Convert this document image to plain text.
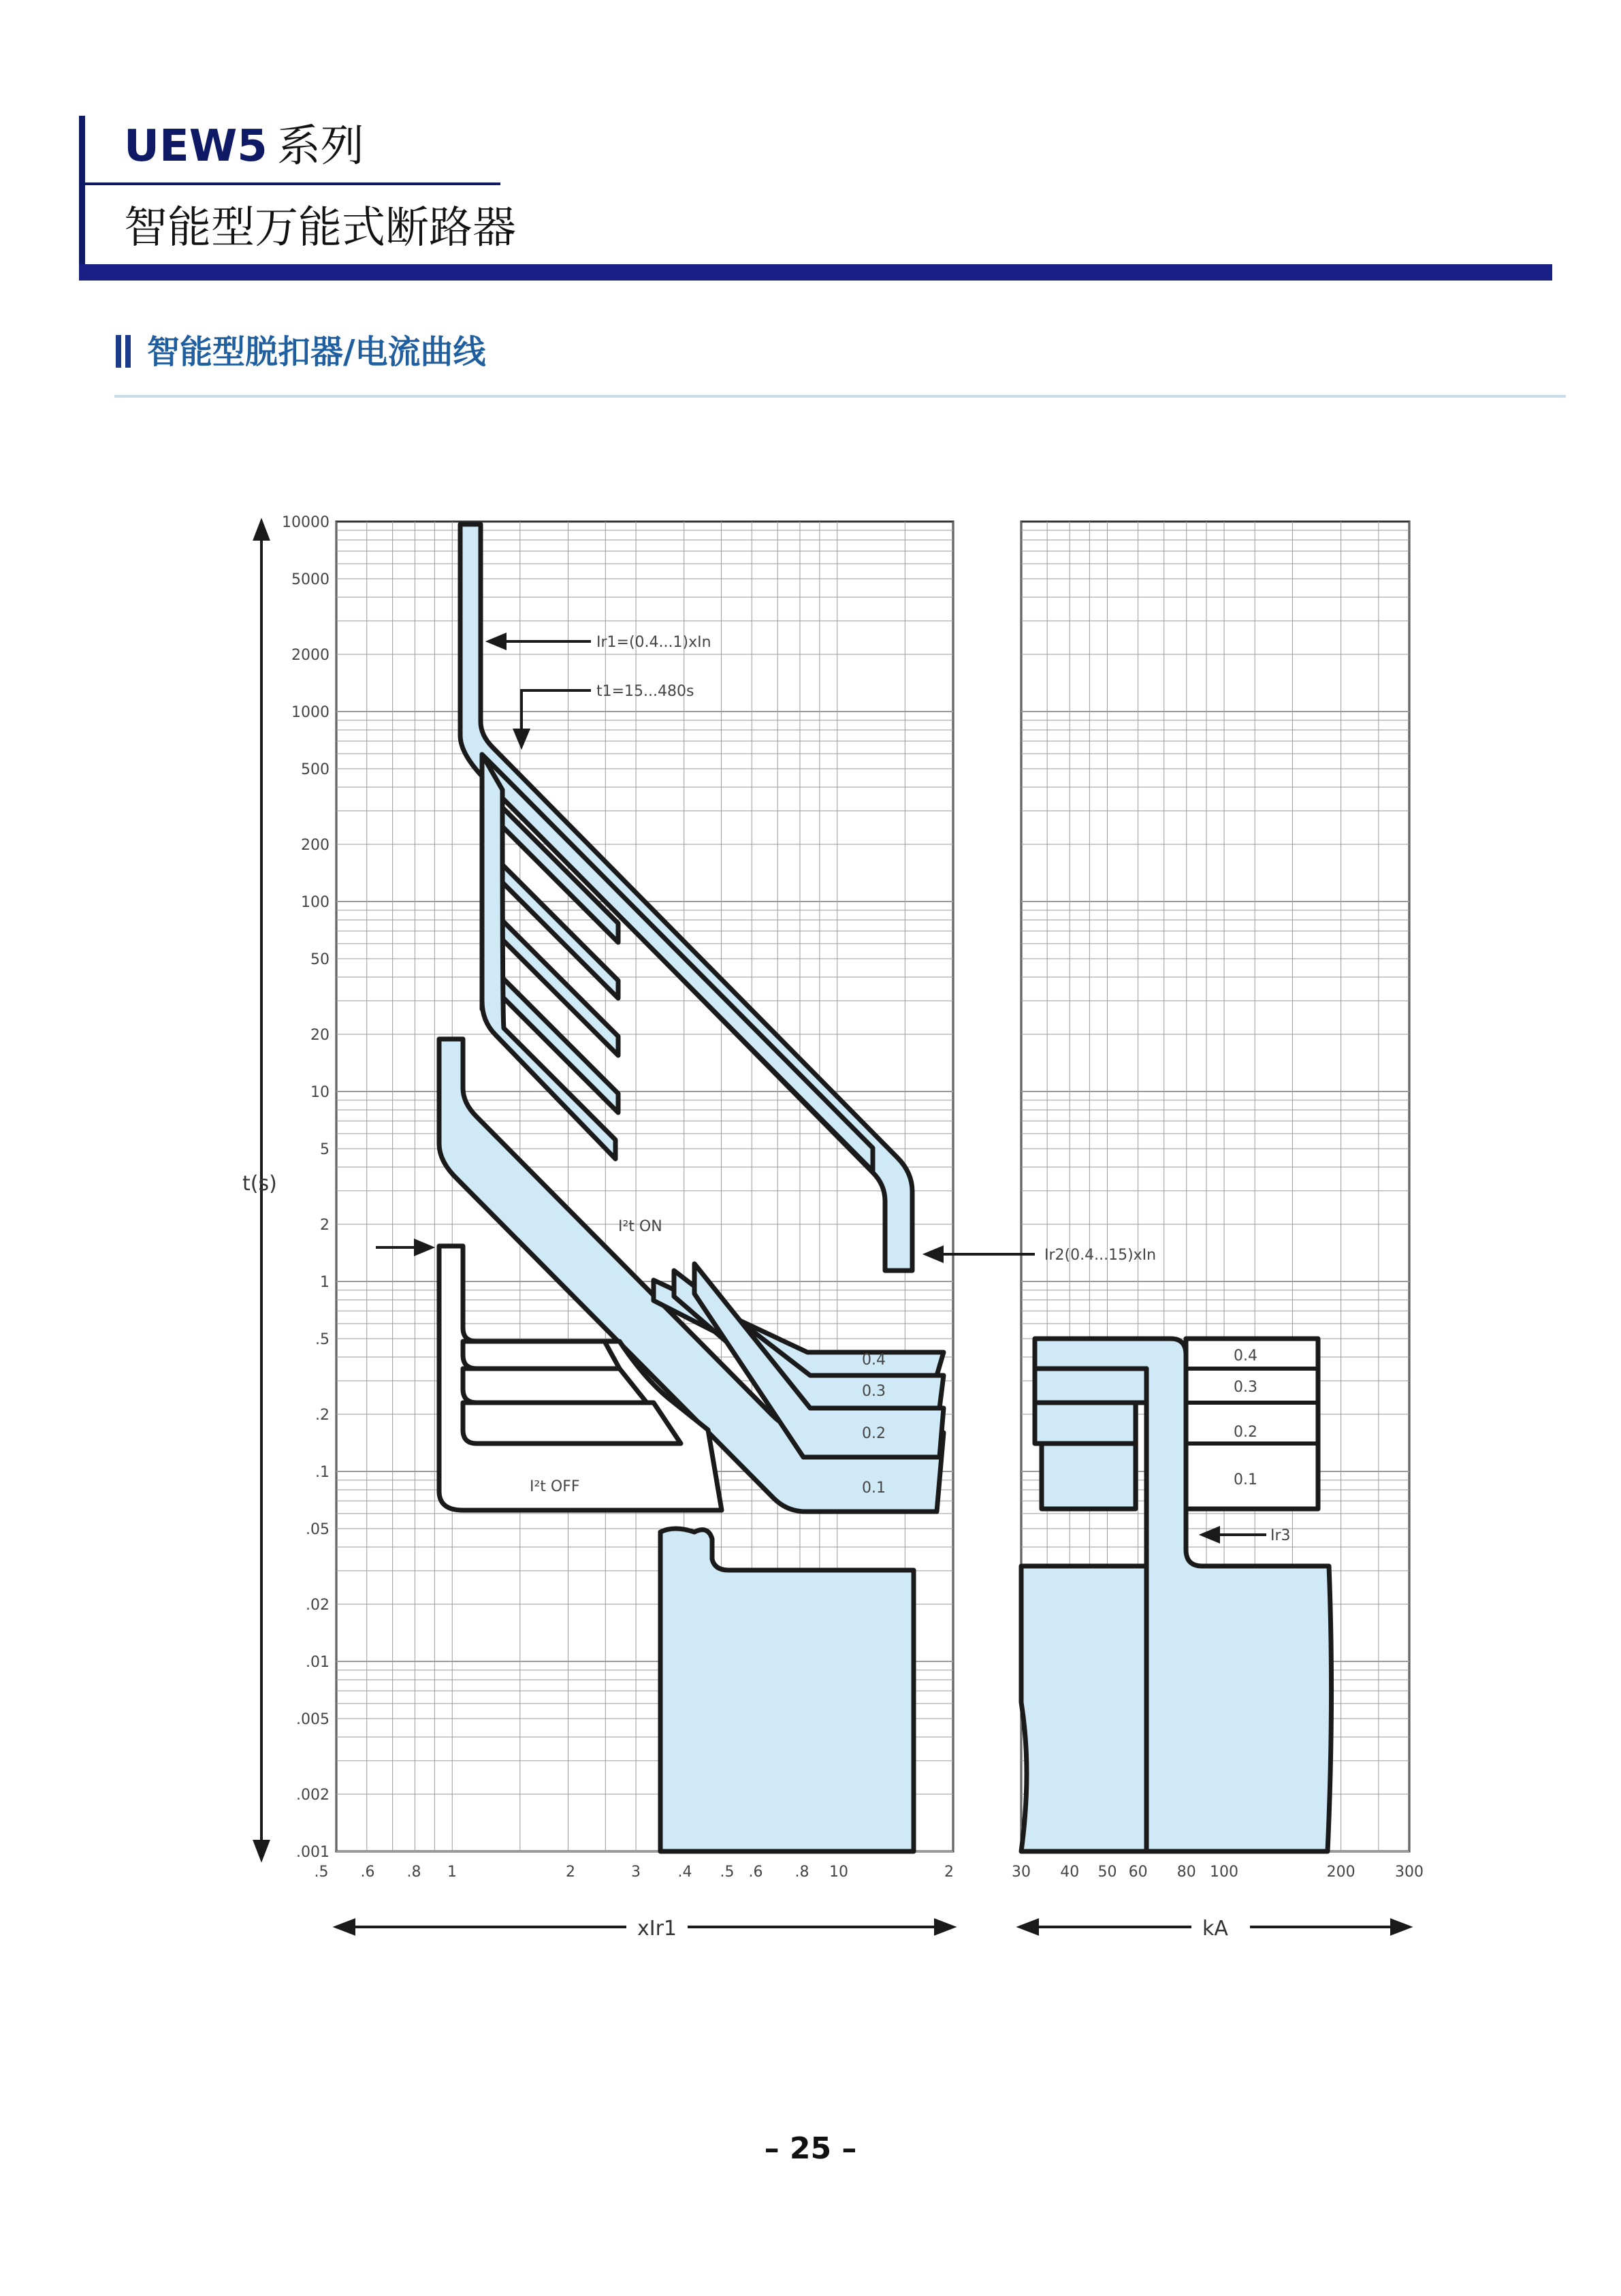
UEW5 系列
智能型万能式断路器
智能型脱扣器/电流曲线
Ir1=(0.4...1)xIn
t1=15...480s
Ir2(0.4...15)xIn
I²t ON
I²t OFF
Ir3
0.4
0.3
0.2
0.1
0.4
0.3
0.2
0.1
t(s)
xIr1	kA
10000
5000
2000
1000
500
200
100
50
20
10
5
2
1
.5
.2
.1
.05
.02
.01
.005
.002
.001
.5 .6 .8 1	2	3 .4 .5 .6 .8 10	2	30 40 50 60 80 100	200	300
– 25 –
